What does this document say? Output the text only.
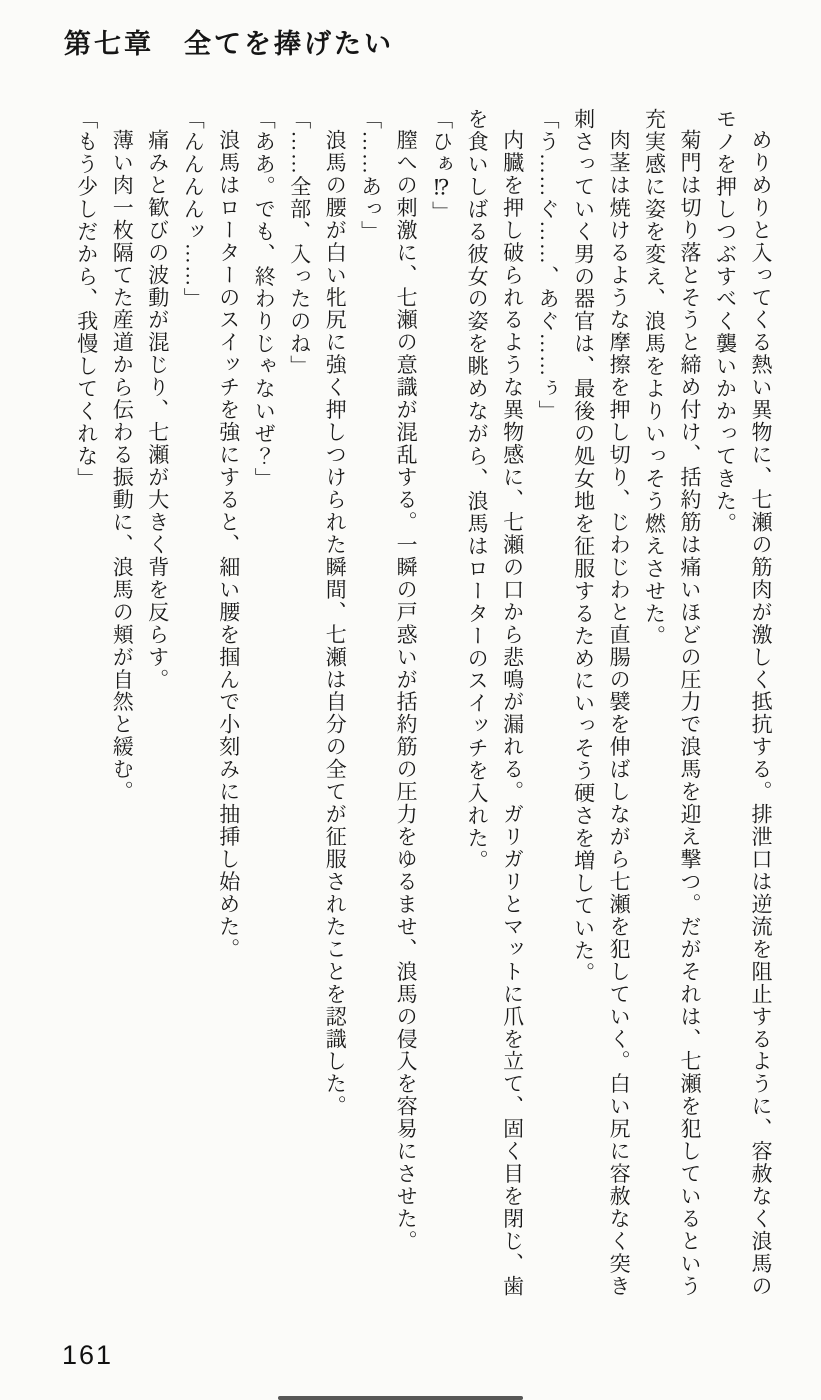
第七章　全てを捧げたい

めりめりと入ってくる熱い異物に、七瀬の筋肉が激しく抵抗する。排泄口は逆流を阻止するように、容赦なく浪馬のモノを押しつぶすべく襲いかかってきた。

菊門は切り落とそうと締め付け、括約筋は痛いほどの圧力で浪馬を迎え撃つ。だがそれは、七瀬を犯しているという充実感に姿を変え、浪馬をよりいっそう燃えさせた。

肉茎は焼けるような摩擦を押し切り、じわじわと直腸の襞を伸ばしながら七瀬を犯していく。白い尻に容赦なく突き刺さっていく男の器官は、最後の処女地を征服するためにいっそう硬さを増していた。

「う……ぐ……、あぐ……ぅ」

内臓を押し破られるような異物感に、七瀬の口から悲鳴が漏れる。ガリガリとマットに爪を立て、固く目を閉じ、歯を食いしばる彼女の姿を眺めながら、浪馬はローターのスイッチを入れた。

「ひぁ⁉」

膣への刺激に、七瀬の意識が混乱する。一瞬の戸惑いが括約筋の圧力をゆるませ、浪馬の侵入を容易にさせた。

「……あっ」

浪馬の腰が白い牝尻に強く押しつけられた瞬間、七瀬は自分の全てが征服されたことを認識した。

「……全部、入ったのね」

「ああ。でも、終わりじゃないぜ？」

浪馬はローターのスイッチを強にすると、細い腰を掴んで小刻みに抽挿し始めた。

「んんんんッ……」

痛みと歓びの波動が混じり、七瀬が大きく背を反らす。

薄い肉一枚隔てた産道から伝わる振動に、浪馬の頬が自然と緩む。

「もう少しだから、我慢してくれな」

161
